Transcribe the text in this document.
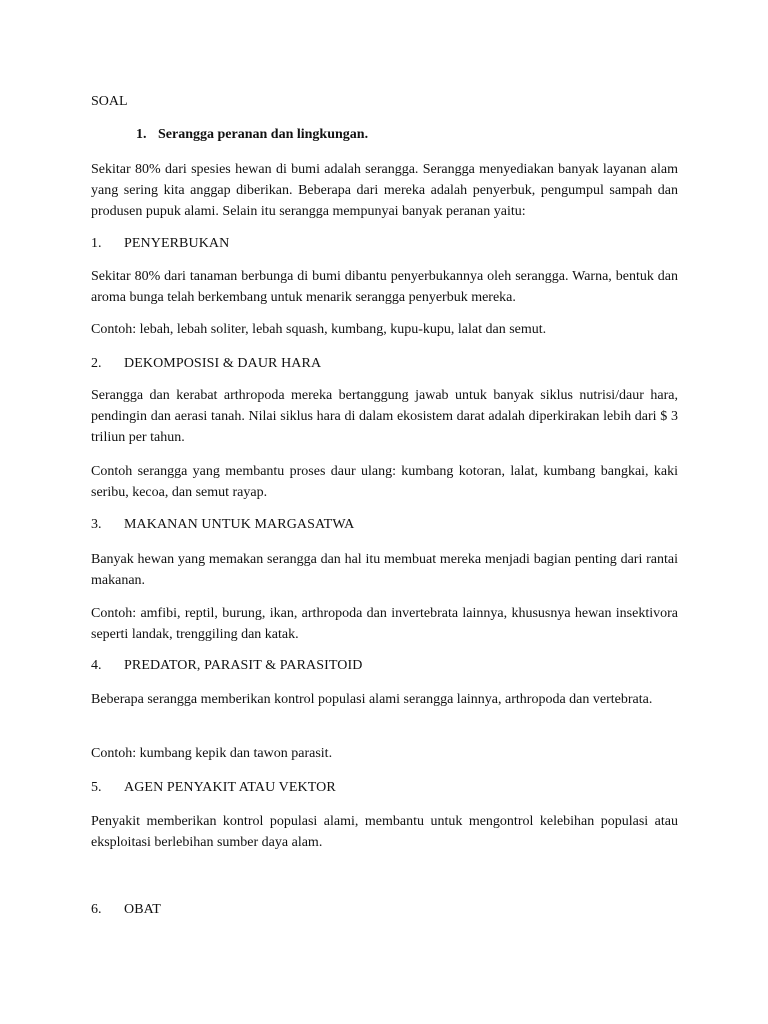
SOAL
1. Serangga peranan dan lingkungan.

Sekitar 80% dari spesies hewan di bumi adalah serangga. Serangga menyediakan banyak layanan alam yang sering kita anggap diberikan. Beberapa dari mereka adalah penyerbuk, pengumpul sampah dan produsen pupuk alami. Selain itu serangga mempunyai banyak peranan yaitu:

1. PENYERBUKAN

Sekitar 80% dari tanaman berbunga di bumi dibantu penyerbukannya oleh serangga. Warna, bentuk dan aroma bunga telah berkembang untuk menarik serangga penyerbuk mereka.

Contoh: lebah, lebah soliter, lebah squash, kumbang, kupu-kupu, lalat dan semut.

2. DEKOMPOSISI & DAUR HARA

Serangga dan kerabat arthropoda mereka bertanggung jawab untuk banyak siklus nutrisi/daur hara, pendingin dan aerasi tanah. Nilai siklus hara di dalam ekosistem darat adalah diperkirakan lebih dari $ 3 triliun per tahun.

Contoh serangga yang membantu proses daur ulang: kumbang kotoran, lalat, kumbang bangkai, kaki seribu, kecoa, dan semut rayap.

3. MAKANAN UNTUK MARGASATWA

Banyak hewan yang memakan serangga dan hal itu membuat mereka menjadi bagian penting dari rantai makanan.

Contoh: amfibi, reptil, burung, ikan, arthropoda dan invertebrata lainnya, khususnya hewan insektivora seperti landak, trenggiling dan katak.

4. PREDATOR, PARASIT & PARASITOID

Beberapa serangga memberikan kontrol populasi alami serangga lainnya, arthropoda dan vertebrata.

Contoh: kumbang kepik dan tawon parasit.

5. AGEN PENYAKIT ATAU VEKTOR

Penyakit memberikan kontrol populasi alami, membantu untuk mengontrol kelebihan populasi atau eksploitasi berlebihan sumber daya alam.

6. OBAT
